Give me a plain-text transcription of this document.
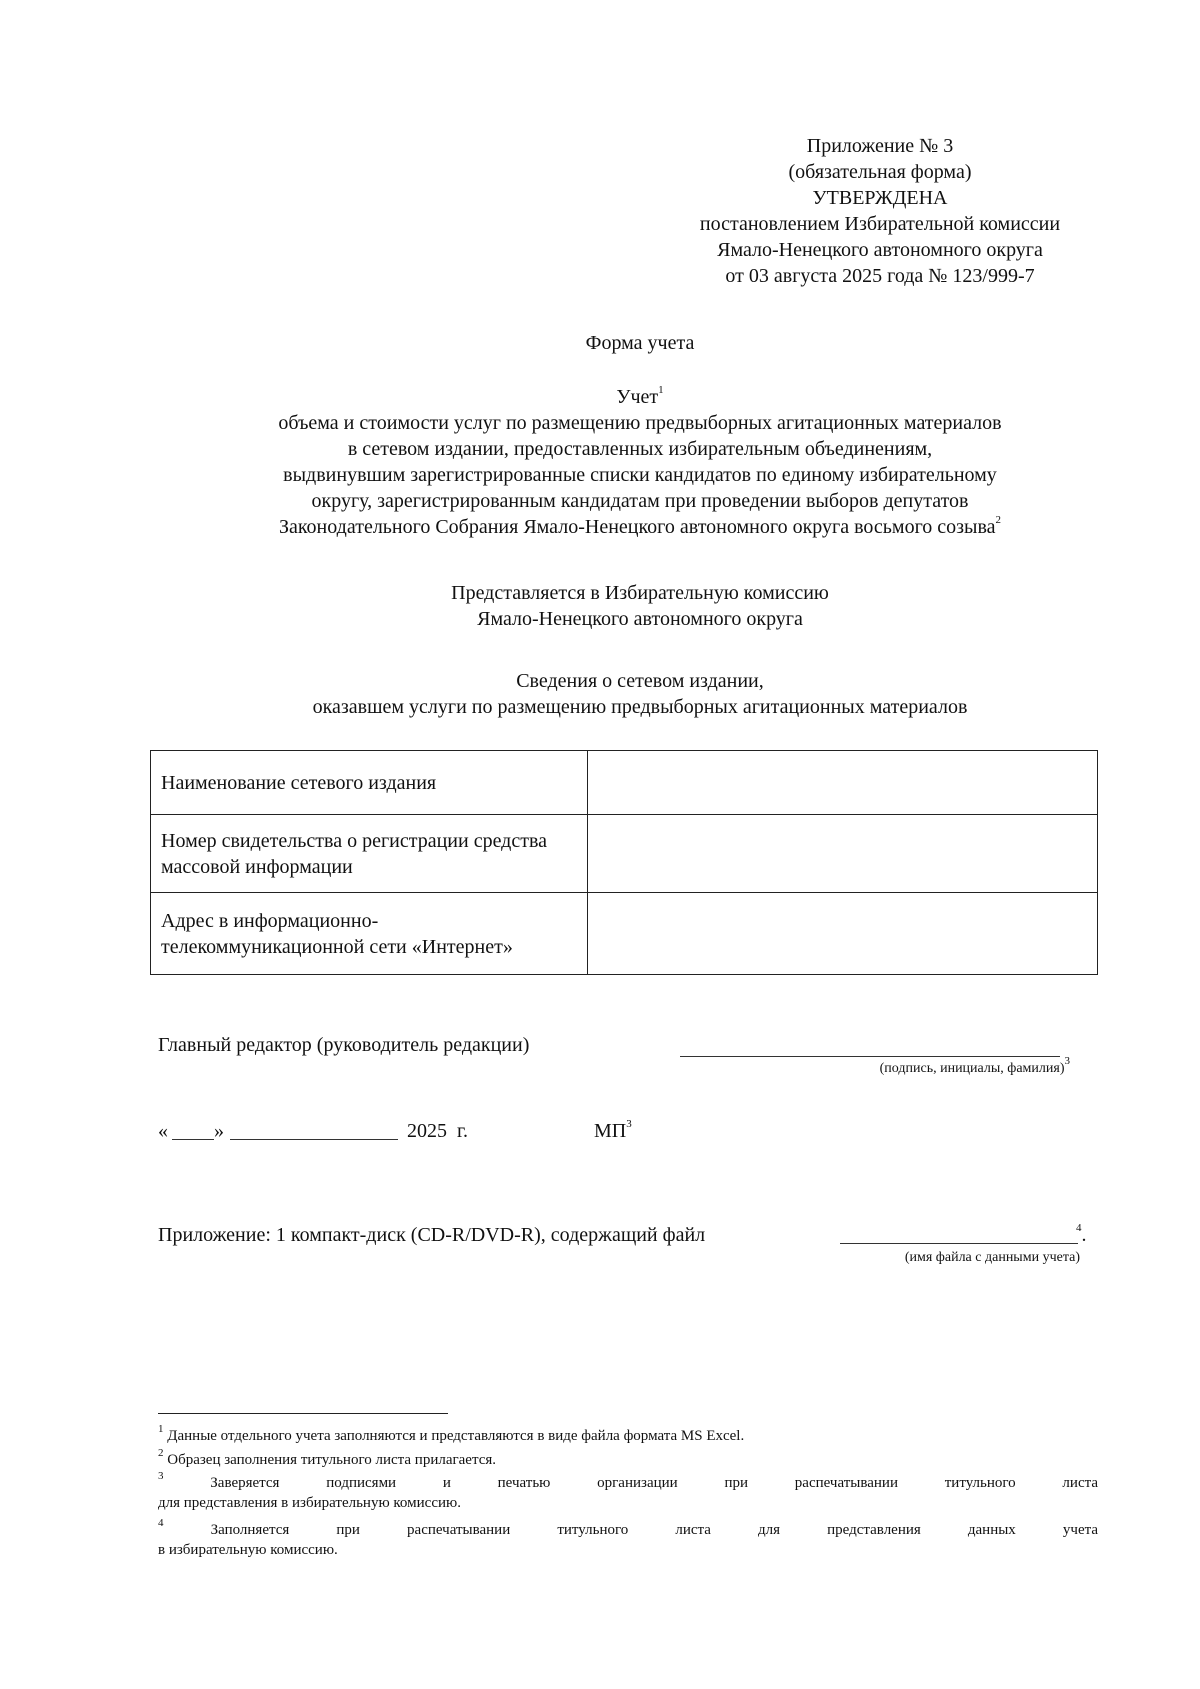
Приложение № 3
(обязательная форма)
УТВЕРЖДЕНА
постановлением Избирательной комиссии
Ямало-Ненецкого автономного округа
от 03 августа 2025 года № 123/999-7
Форма учета
Учет$^1$
объема и стоимости услуг по размещению предвыборных агитационных материалов
в сетевом издании, предоставленных избирательным объединениям,
выдвинувшим зарегистрированные списки кандидатов по единому избирательному
округу, зарегистрированным кандидатам при проведении выборов депутатов
Законодательного Собрания Ямало-Ненецкого автономного округа восьмого созыва$^2$
Представляется в Избирательную комиссию
Ямало-Ненецкого автономного округа
Сведения о сетевом издании,
оказавшем услуги по размещению предвыборных агитационных материалов
Наименование сетевого издания	
Номер свидетельства о регистрации средства массовой информации	
Адрес в информационно-телекоммуникационной сети «Интернет»	
Главный редактор (руководитель редакции)
(подпись, инициалы, фамилия)$^3$
« »	2025  г.	$МП^3$
Приложение: 1 компакт-диск (CD-R/DVD-R), содержащий файл	$^4$.
(имя файла с данными учета)
$^1$ Данные отдельного учета заполняются и представляются в виде файла формата MS Excel.
$^2$ Образец заполнения титульного листа прилагается.
$^3$	Заверяется подписями и печатью организации при распечатывании титульного листа
для представления в избирательную комиссию.
$^4$	Заполняется при распечатывании титульного листа для представления данных учета
в избирательную комиссию.
